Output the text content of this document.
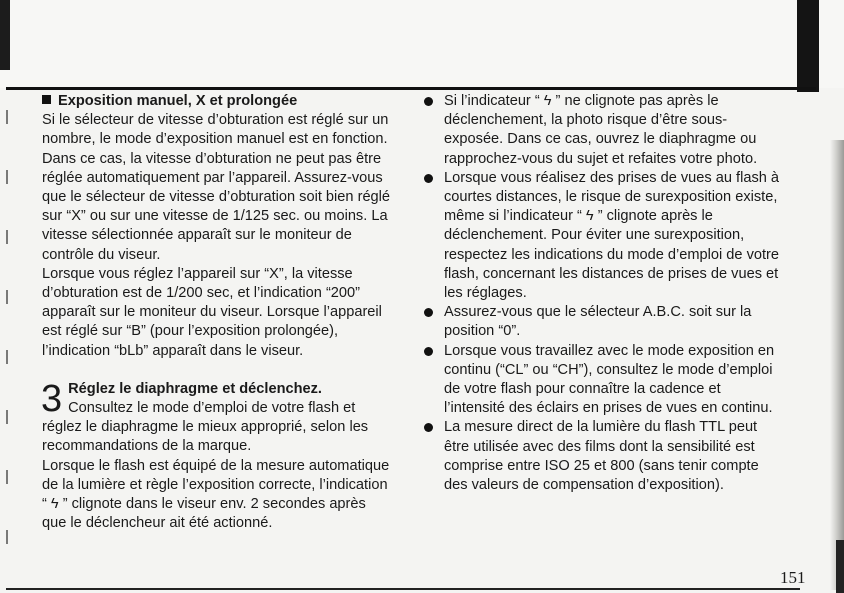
Exposition manuel, X et prolongée

Si le sélecteur de vitesse d’obturation est réglé sur un nombre, le mode d’exposition manuel est en fonction. Dans ce cas, la vitesse d’obturation ne peut pas être réglée automatiquement par l’appareil. Assurez-vous que le sélecteur de vitesse d’obturation soit bien réglé sur “X” ou sur une vitesse de 1/125 sec. ou moins. La vitesse sélectionnée apparaît sur le moniteur de contrôle du viseur.

Lorsque vous réglez l’appareil sur “X”, la vitesse d’obturation est de 1/200 sec, et l’indication “200” apparaît sur le moniteur du viseur. Lorsque l’appareil est réglé sur “B” (pour l’exposition prolongée), l’indication “bLb” apparaît dans le viseur.

3 Réglez le diaphragme et déclenchez.
Consultez le mode d’emploi de votre flash et réglez le diaphragme le mieux approprié, selon les recommandations de la marque.

Lorsque le flash est équipé de la mesure automatique de la lumière et règle l’exposition correcte, l’indication “ ϟ ” clignote dans le viseur env. 2 secondes après que le déclencheur ait été actionné.

Si l’indicateur “ ϟ ” ne clignote pas après le déclenchement, la photo risque d’être sous-exposée. Dans ce cas, ouvrez le diaphragme ou rapprochez-vous du sujet et refaites votre photo.
Lorsque vous réalisez des prises de vues au flash à courtes distances, le risque de surexposition existe, même si l’indicateur “ ϟ ” clignote après le déclenchement. Pour éviter une surexposition, respectez les indications du mode d’emploi de votre flash, concernant les distances de prises de vues et les réglages.
Assurez-vous que le sélecteur A.B.C. soit sur la position “0”.
Lorsque vous travaillez avec le mode exposition en continu (“CL” ou “CH”), consultez le mode d’emploi de votre flash pour connaître la cadence et l’intensité des éclairs en prises de vues en continu.
La mesure direct de la lumière du flash TTL peut être utilisée avec des films dont la sensibilité est comprise entre ISO 25 et 800 (sans tenir compte des valeurs de compensation d’exposition).
151
